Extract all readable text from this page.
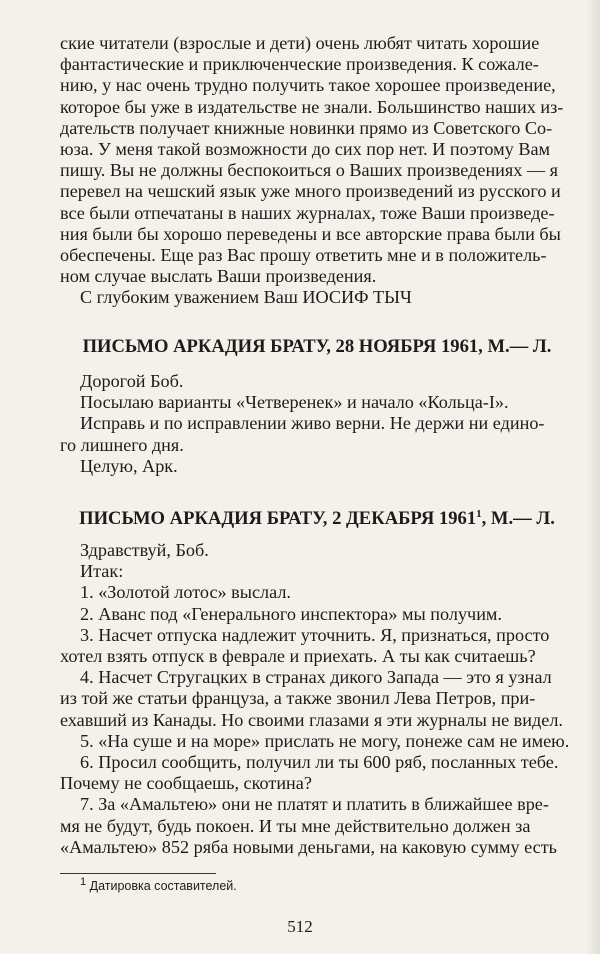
ские читатели (взрослые и дети) очень любят читать хорошие

фантастические и приключенческие произведения. К сожале-

нию, у нас очень трудно получить такое хорошее произведение,

которое бы уже в издательстве не знали. Большинство наших из-

дательств получает книжные новинки прямо из Советского Со-

юза. У меня такой возможности до сих пор нет. И поэтому Вам

пишу. Вы не должны беспокоиться о Ваших произведениях — я

перевел на чешский язык уже много произведений из русского и

все были отпечатаны в наших журналах, тоже Ваши произведе-

ния были бы хорошо переведены и все авторские права были бы

обеспечены. Еще раз Вас прошу ответить мне и в положитель-

ном случае выслать Ваши произведения.

С глубоким уважением Ваш ИОСИФ ТЫЧ

ПИСЬМО АРКАДИЯ БРАТУ, 28 НОЯБРЯ 1961, М.— Л.

Дорогой Боб.

Посылаю варианты «Четверенек» и начало «Кольца-I».

Исправь и по исправлении живо верни. Не держи ни едино-

го лишнего дня.

Целую, Арк.

ПИСЬМО АРКАДИЯ БРАТУ, 2 ДЕКАБРЯ 1961$^1$, М.— Л.

Здравствуй, Боб.

Итак:

1. «Золотой лотос» выслал.

2. Аванс под «Генерального инспектора» мы получим.

3. Насчет отпуска надлежит уточнить. Я, признаться, просто

хотел взять отпуск в феврале и приехать. А ты как считаешь?

4. Насчет Стругацких в странах дикого Запада — это я узнал

из той же статьи француза, а также звонил Лева Петров, при-

ехавший из Канады. Но своими глазами я эти журналы не видел.

5. «На суше и на море» прислать не могу, понеже сам не имею.

6. Просил сообщить, получил ли ты 600 ряб, посланных тебе.

Почему не сообщаешь, скотина?

7. За «Амальтею» они не платят и платить в ближайшее вре-

мя не будут, будь покоен. И ты мне действительно должен за

«Амальтею» 852 ряба новыми деньгами, на каковую сумму есть

$^1$ Датировка составителей.

512
